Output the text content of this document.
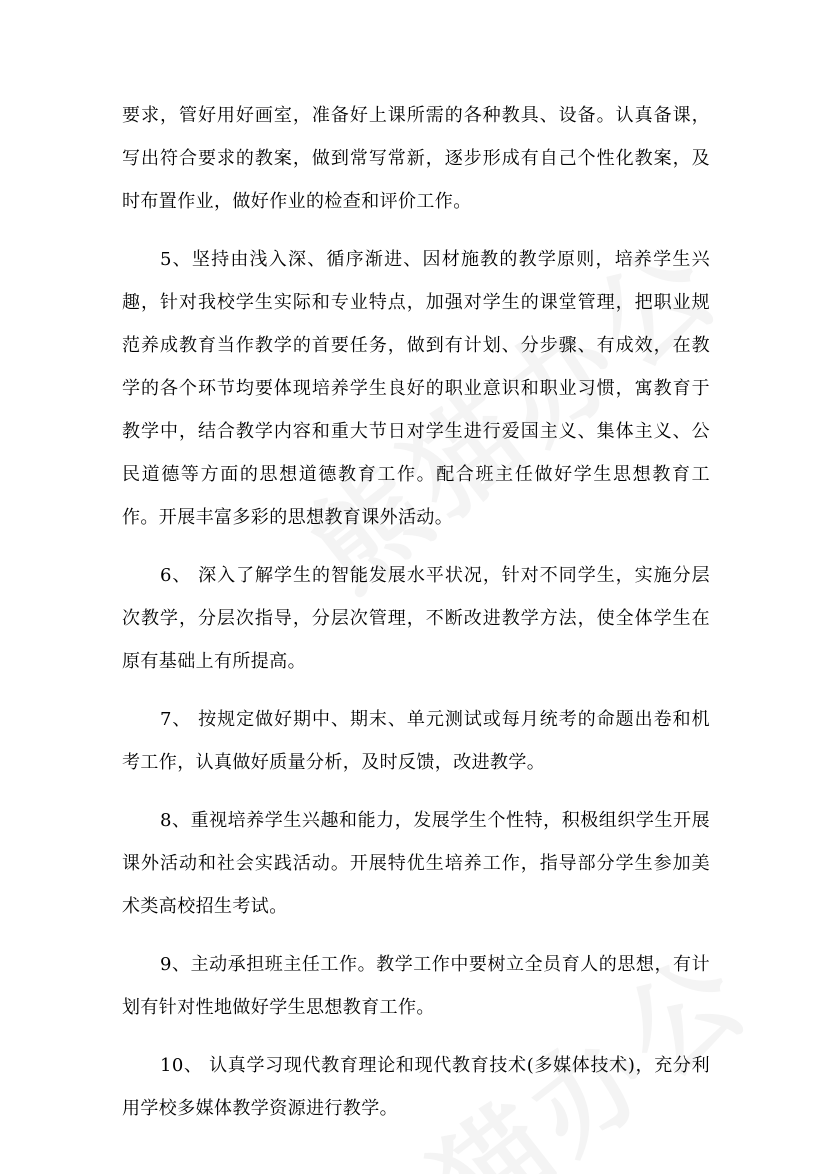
要求，管好用好画室，准备好上课所需的各种教具、设备。认真备课，写出符合要求的教案，做到常写常新，逐步形成有自己个性化教案，及时布置作业，做好作业的检查和评价工作。

5、坚持由浅入深、循序渐进、因材施教的教学原则，培养学生兴趣，针对我校学生实际和专业特点，加强对学生的课堂管理，把职业规范养成教育当作教学的首要任务，做到有计划、分步骤、有成效，在教学的各个环节均要体现培养学生良好的职业意识和职业习惯，寓教育于教学中，结合教学内容和重大节日对学生进行爱国主义、集体主义、公民道德等方面的思想道德教育工作。配合班主任做好学生思想教育工作。开展丰富多彩的思想教育课外活动。

6、 深入了解学生的智能发展水平状况，针对不同学生，实施分层次教学，分层次指导，分层次管理，不断改进教学方法，使全体学生在原有基础上有所提高。

7、 按规定做好期中、期末、单元测试或每月统考的命题出卷和机考工作，认真做好质量分析，及时反馈，改进教学。

8、重视培养学生兴趣和能力，发展学生个性特，积极组织学生开展课外活动和社会实践活动。开展特优生培养工作，指导部分学生参加美术类高校招生考试。

9、主动承担班主任工作。教学工作中要树立全员育人的思想，有计划有针对性地做好学生思想教育工作。

10、 认真学习现代教育理论和现代教育技术(多媒体技术)，充分利用学校多媒体教学资源进行教学。
